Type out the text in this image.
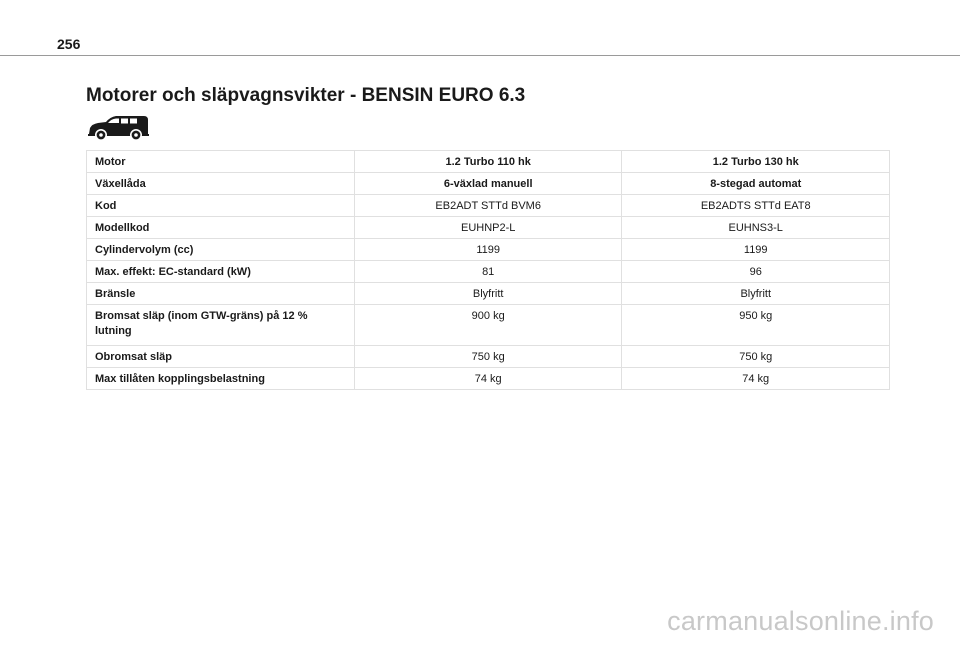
256
Motorer och släpvagnsvikter - BENSIN EURO 6.3
Motor	1.2 Turbo 110 hk	1.2 Turbo 130 hk
Växellåda	6-växlad manuell	8-stegad automat
Kod	EB2ADT STTd BVM6	EB2ADTS STTd EAT8
Modellkod	EUHNP2-L	EUHNS3-L
Cylindervolym (cc)	1199	1199
Max. effekt: EC-standard (kW)	81	96
Bränsle	Blyfritt	Blyfritt
Bromsat släp (inom GTW-gräns) på 12 % lutning	900 kg	950 kg
Obromsat släp	750 kg	750 kg
Max tillåten kopplingsbelastning	74 kg	74 kg
carmanualsonline.info
